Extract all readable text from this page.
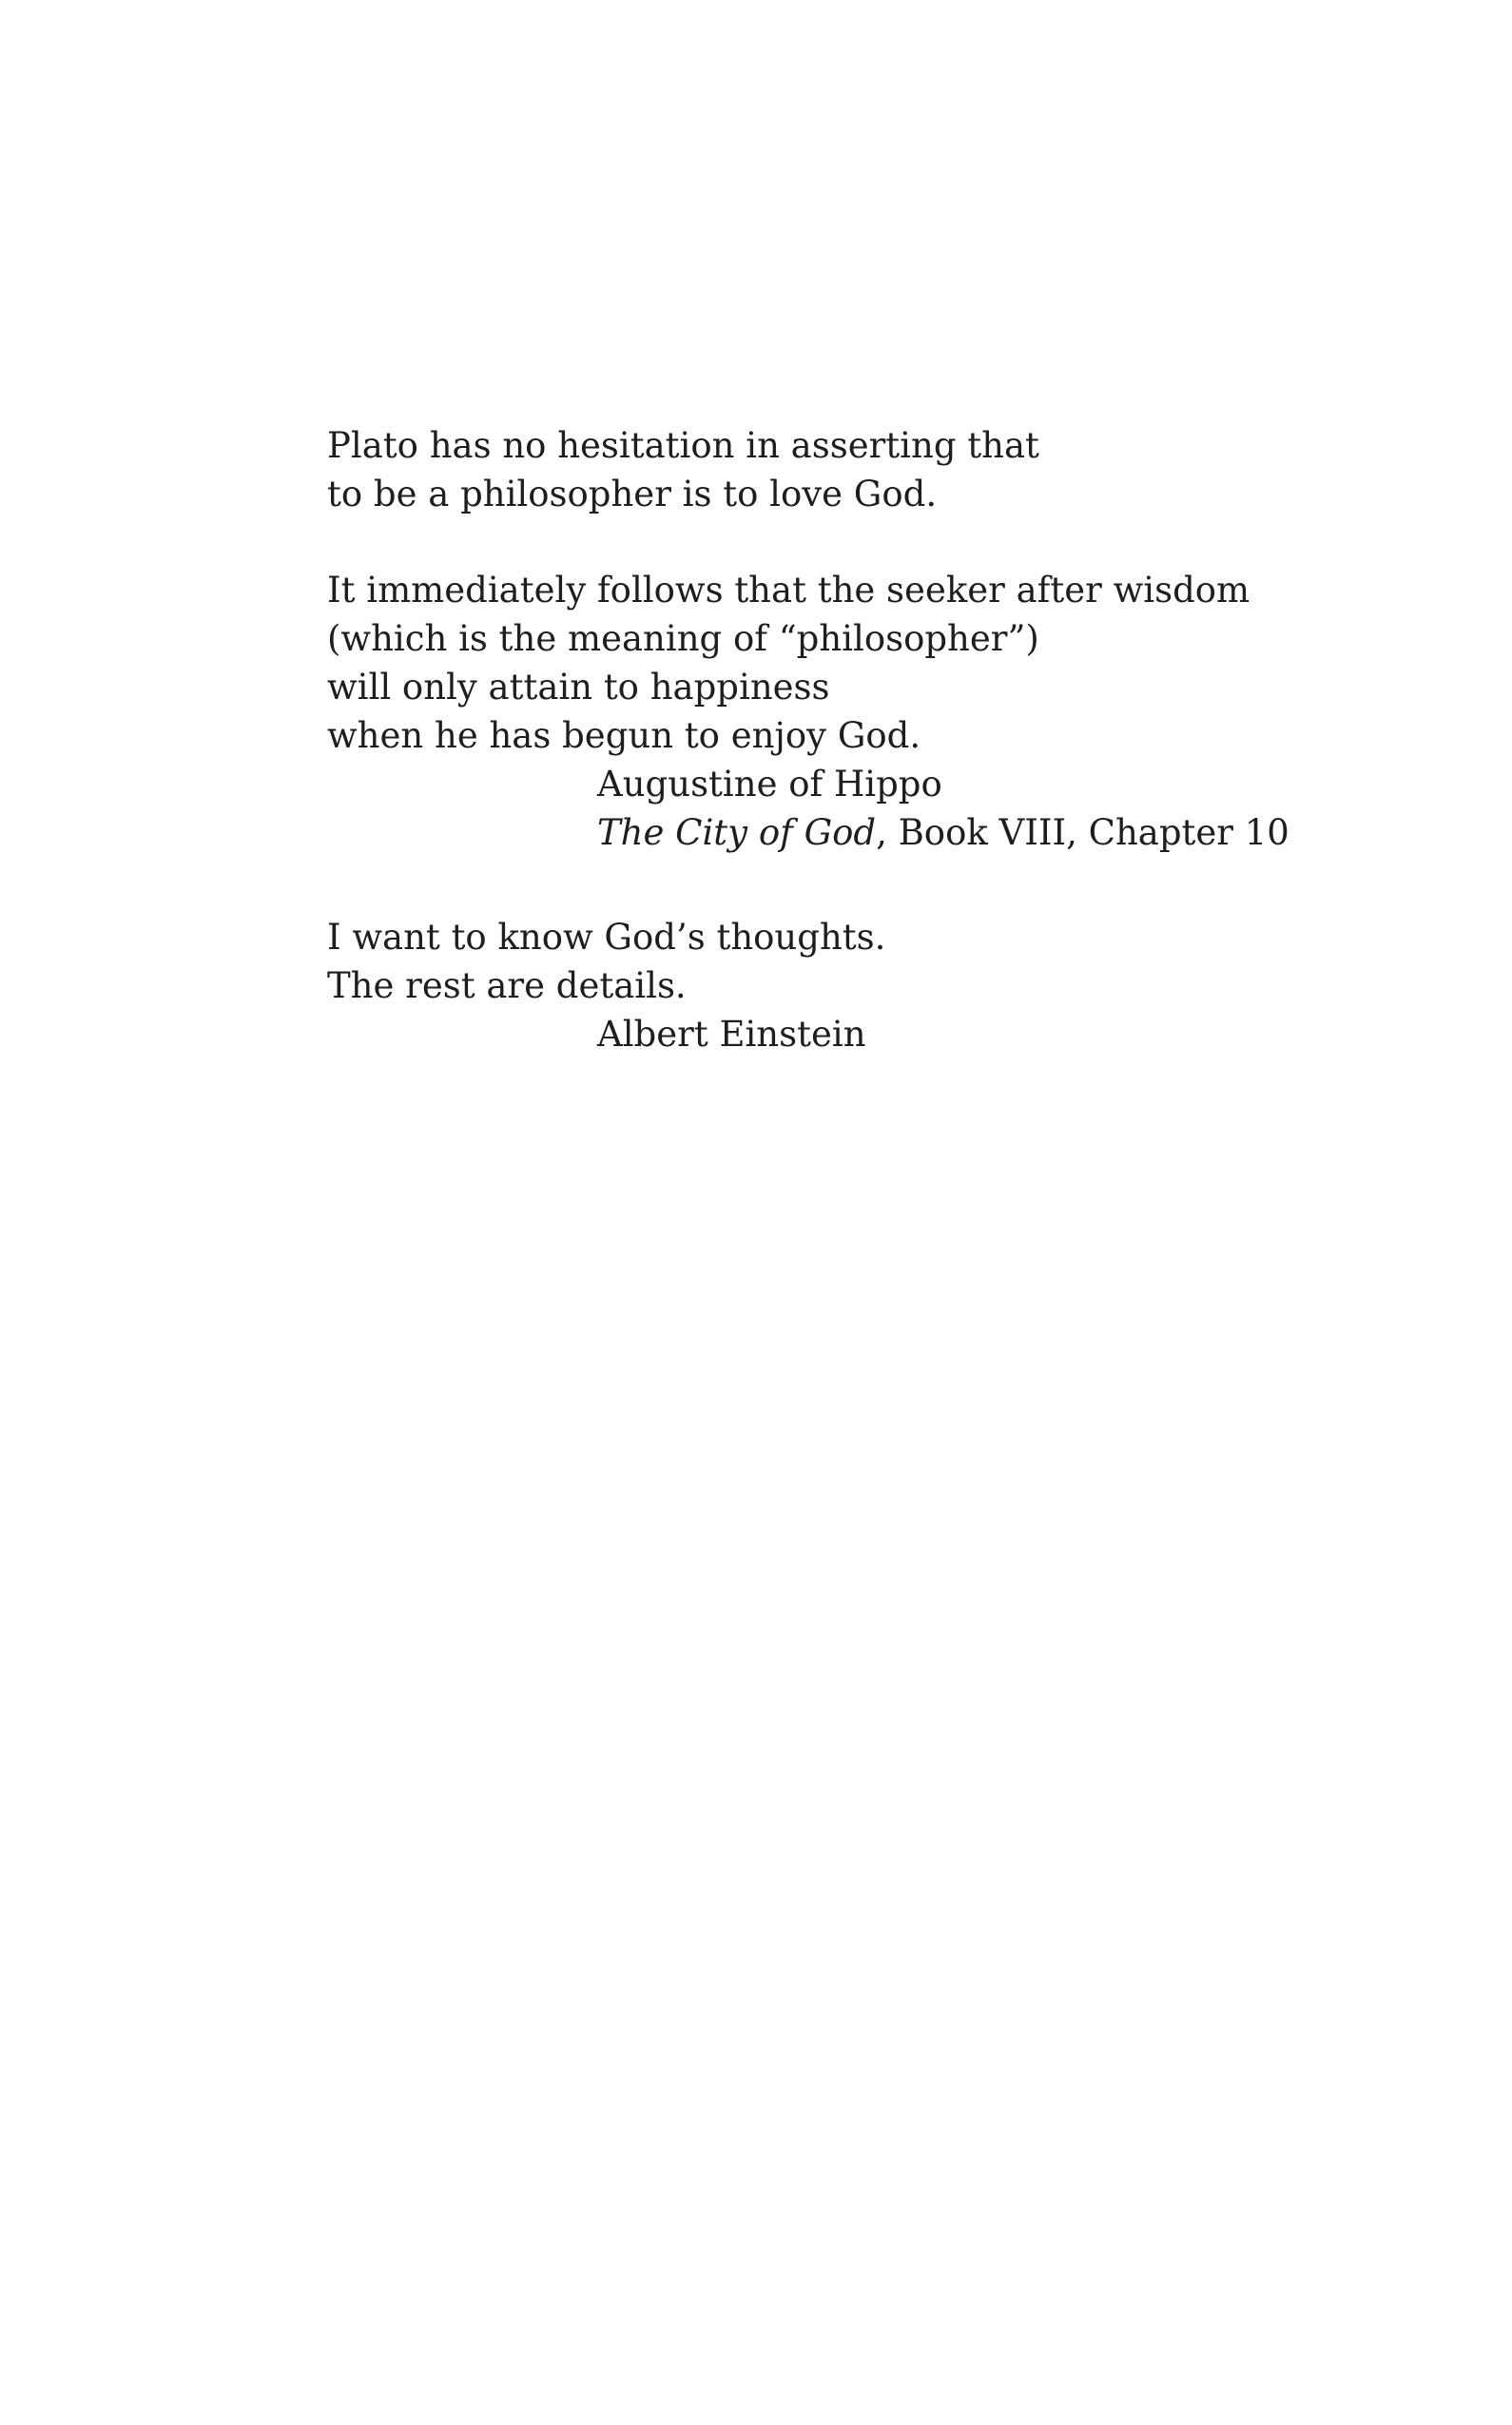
Plato has no hesitation in asserting that
to be a philosopher is to love God.
It immediately follows that the seeker after wisdom
(which is the meaning of “philosopher”)
will only attain to happiness
when he has begun to enjoy God.
Augustine of Hippo
The City of God, Book VIII, Chapter 10
I want to know God’s thoughts.
The rest are details.
Albert Einstein
